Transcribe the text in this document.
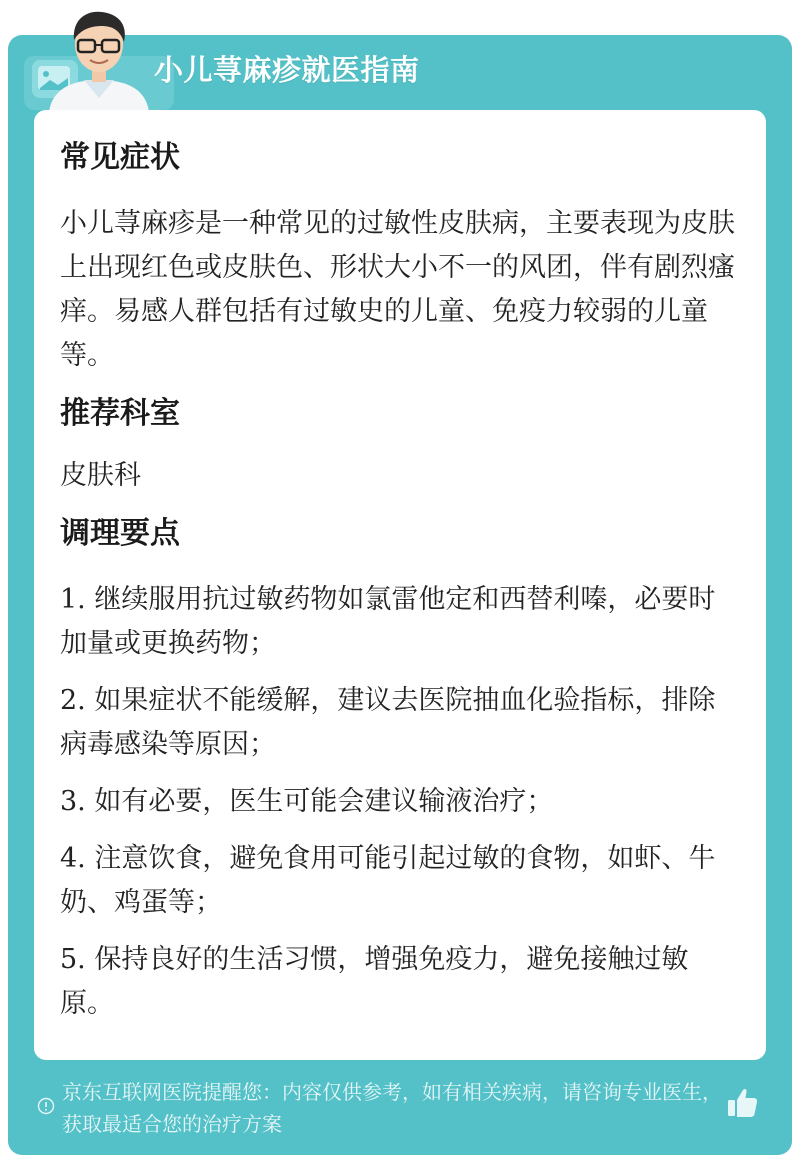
小儿荨麻疹就医指南
常见症状

小儿荨麻疹是一种常见的过敏性皮肤病，主要表现为皮肤上出现红色或皮肤色、形状大小不一的风团，伴有剧烈瘙痒。易感人群包括有过敏史的儿童、免疫力较弱的儿童等。

推荐科室

皮肤科

调理要点

1. 继续服用抗过敏药物如氯雷他定和西替利嗪，必要时加量或更换药物；

2. 如果症状不能缓解，建议去医院抽血化验指标，排除病毒感染等原因；

3. 如有必要，医生可能会建议输液治疗；

4. 注意饮食，避免食用可能引起过敏的食物，如虾、牛奶、鸡蛋等；

5. 保持良好的生活习惯，增强免疫力，避免接触过敏原。

京东互联网医院提醒您：内容仅供参考，如有相关疾病，请咨询专业医生，获取最适合您的治疗方案
